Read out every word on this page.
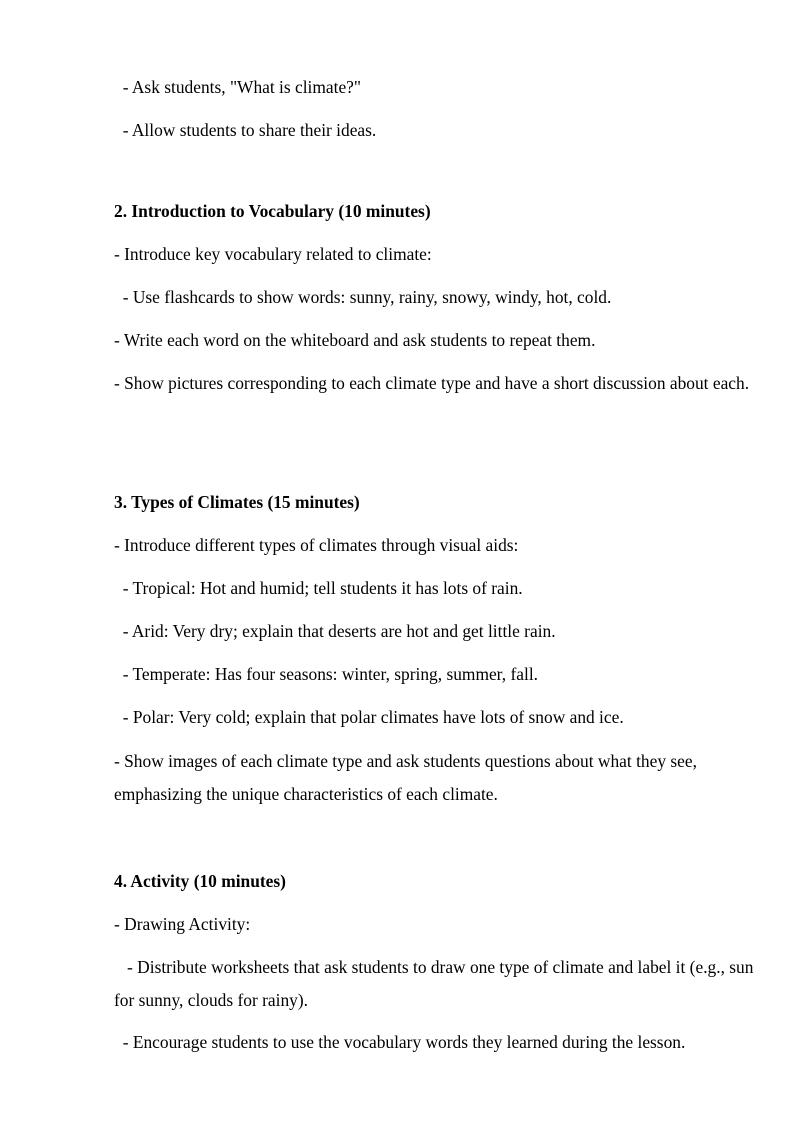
- Ask students, "What is climate?"

- Allow students to share their ideas.

2. Introduction to Vocabulary (10 minutes)

- Introduce key vocabulary related to climate:

- Use flashcards to show words: sunny, rainy, snowy, windy, hot, cold.

- Write each word on the whiteboard and ask students to repeat them.

- Show pictures corresponding to each climate type and have a short discussion about each.

3. Types of Climates (15 minutes)

- Introduce different types of climates through visual aids:

- Tropical: Hot and humid; tell students it has lots of rain.

- Arid: Very dry; explain that deserts are hot and get little rain.

- Temperate: Has four seasons: winter, spring, summer, fall.

- Polar: Very cold; explain that polar climates have lots of snow and ice.

- Show images of each climate type and ask students questions about what they see, emphasizing the unique characteristics of each climate.

4. Activity (10 minutes)

- Drawing Activity:

- Distribute worksheets that ask students to draw one type of climate and label it (e.g., sun for sunny, clouds for rainy).

- Encourage students to use the vocabulary words they learned during the lesson.
